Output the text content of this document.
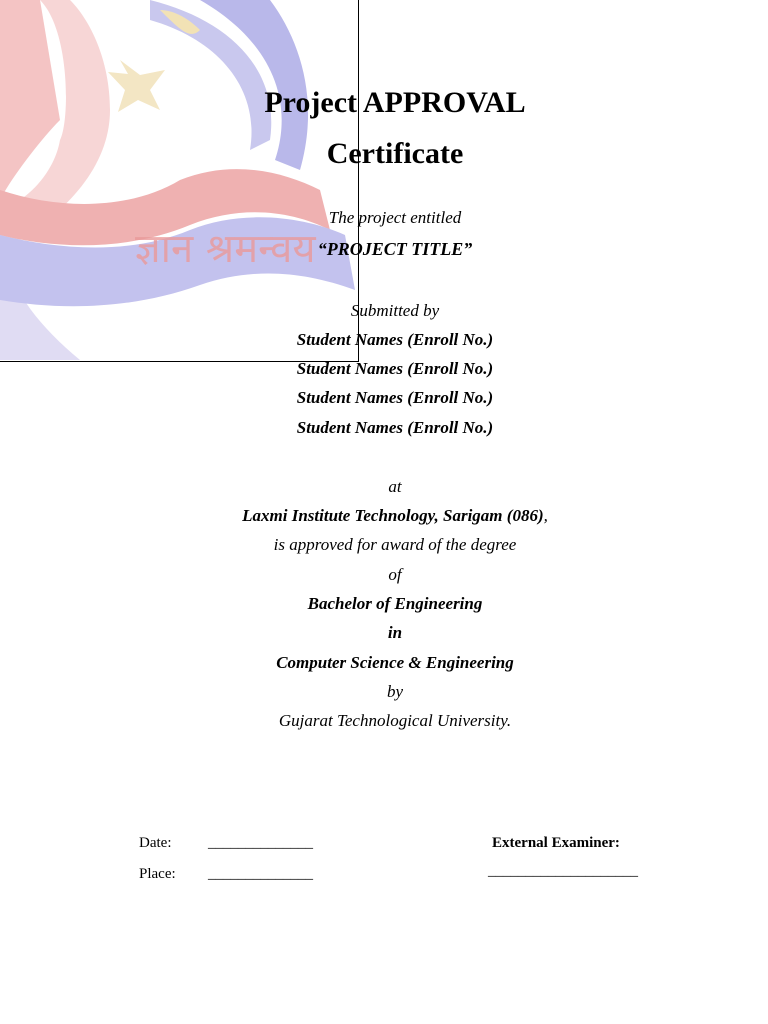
ज्ञान श्रमन्वय
Project APPROVAL
Certificate
The project entitled
“PROJECT TITLE”
Submitted by
Student Names (Enroll No.)
Student Names (Enroll No.)
Student Names (Enroll No.)
Student Names (Enroll No.)
at
Laxmi Institute Technology, Sarigam (086),
is approved for award of the degree
of
Bachelor of Engineering
in
Computer Science & Engineering
by
Gujarat Technological University.
Date: ______________
Place: ______________
External Examiner:
____________________
